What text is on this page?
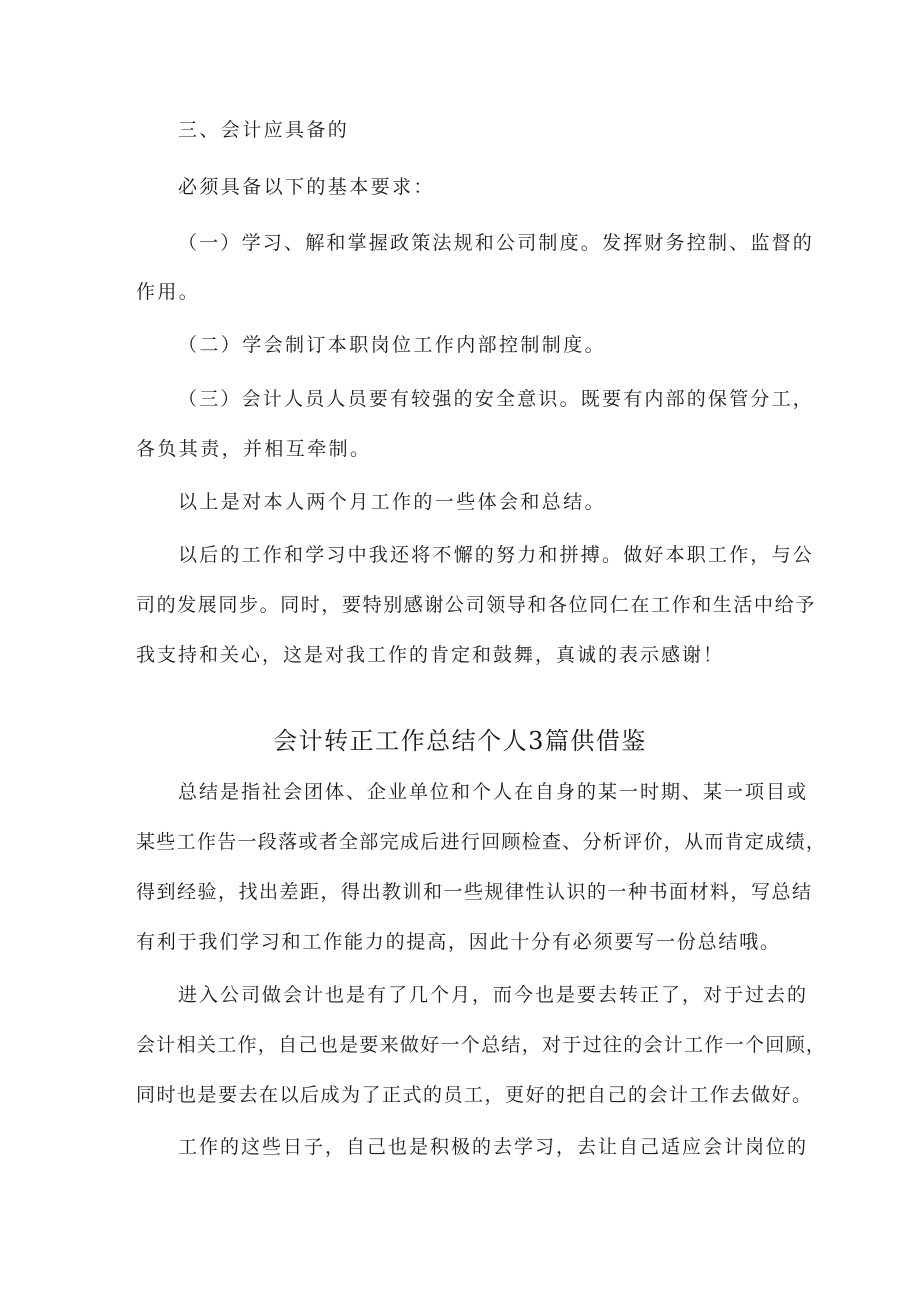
三、会计应具备的
必须具备以下的基本要求：
（一）学习、解和掌握政策法规和公司制度。发挥财务控制、监督的
作用。
（二）学会制订本职岗位工作内部控制制度。
（三）会计人员人员要有较强的安全意识。既要有内部的保管分工，
各负其责，并相互牵制。
以上是对本人两个月工作的一些体会和总结。
以后的工作和学习中我还将不懈的努力和拼搏。做好本职工作，与公
司的发展同步。同时，要特别感谢公司领导和各位同仁在工作和生活中给予
我支持和关心，这是对我工作的肯定和鼓舞，真诚的表示感谢！
会计转正工作总结个人3篇供借鉴
总结是指社会团体、企业单位和个人在自身的某一时期、某一项目或
某些工作告一段落或者全部完成后进行回顾检查、分析评价，从而肯定成绩，
得到经验，找出差距，得出教训和一些规律性认识的一种书面材料，写总结
有利于我们学习和工作能力的提高，因此十分有必须要写一份总结哦。
进入公司做会计也是有了几个月，而今也是要去转正了，对于过去的
会计相关工作，自己也是要来做好一个总结，对于过往的会计工作一个回顾，
同时也是要去在以后成为了正式的员工，更好的把自己的会计工作去做好。
工作的这些日子，自己也是积极的去学习，去让自己适应会计岗位的
